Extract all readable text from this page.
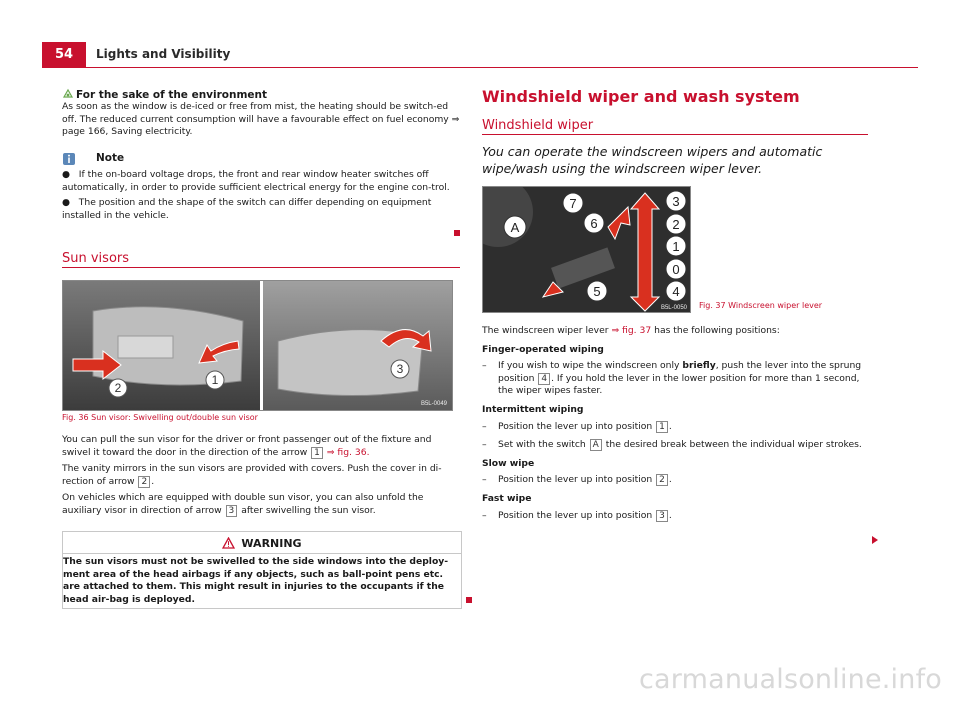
54	Lights and Visibility
For the sake of the environment
As soon as the window is de-iced or free from mist, the heating should be switch-ed off. The reduced current consumption will have a favourable effect on fuel economy ⇒ page 166, Saving electricity.
Note
●   If the on-board voltage drops, the front and rear window heater switches off automatically, in order to provide sufficient electrical energy for the engine con-trol.
●   The position and the shape of the switch can differ depending on equipment installed in the vehicle.
Sun visors
1
2
3
B5L-0049
Fig. 36 Sun visor: Swivelling out/double sun visor

You can pull the sun visor for the driver or front passenger out of the fixture and swivel it toward the door in the direction of the arrow 1 ⇒ fig. 36.

The vanity mirrors in the sun visors are provided with covers. Push the cover in di-rection of arrow 2 .

On vehicles which are equipped with double sun visor, you can also unfold the auxiliary visor in direction of arrow 3 after swivelling the sun visor.

WARNING
The sun visors must not be swivelled to the side windows into the deploy-ment area of the head airbags if any objects, such as ball-point pens etc. are attached to them. This might result in injuries to the occupants if the head air-bag is deployed.
Windshield wiper and wash system
Windshield wiper
You can operate the windscreen wipers and automatic wipe/wash using the windscreen wiper lever.
7
6
A
3
2
1
0
4
5
B5L-0050 Fig. 37 Windscreen wiper lever

The windscreen wiper lever ⇒ fig. 37 has the following positions:

Finger-operated wiping

–	If you wish to wipe the windscreen only briefly, push the lever into the sprung position 4 . If you hold the lever in the lower position for more than 1 second, the wiper wipes faster.

Intermittent wiping

–	Position the lever up into position 1 .
–	Set with the switch A the desired break between the individual wiper strokes.

Slow wipe

–	Position the lever up into position 2 .

Fast wipe

–	Position the lever up into position 3 .
carmanualsonline.info
